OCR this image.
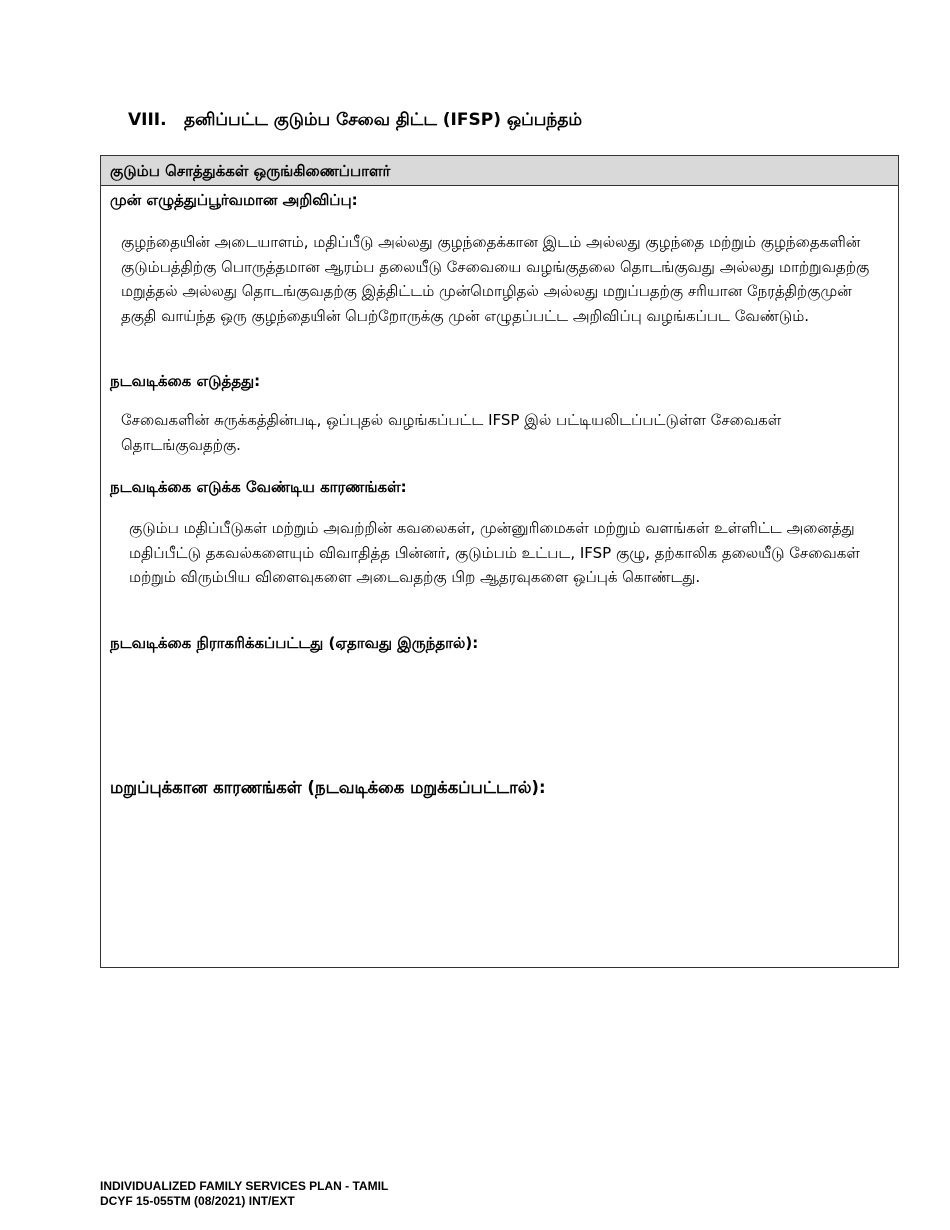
VIII. தனிப்பட்ட குடும்ப சேவை திட்ட (IFSP) ஒப்பந்தம்
குடும்ப சொத்துக்கள் ஒருங்கிணைப்பாளர்
முன் எழுத்துப்பூர்வமான அறிவிப்பு:

குழந்தையின் அடையாளம், மதிப்பீடு அல்லது குழந்தைக்கான இடம் அல்லது குழந்தை மற்றும் குழந்தைகளின் குடும்பத்திற்கு பொருத்தமான ஆரம்ப தலையீடு சேவையை வழங்குதலை தொடங்குவது அல்லது மாற்றுவதற்கு மறுத்தல் அல்லது தொடங்குவதற்கு இத்திட்டம் முன்மொழிதல் அல்லது மறுப்பதற்கு சரியான நேரத்திற்குமுன் தகுதி வாய்ந்த ஒரு குழந்தையின் பெற்றோருக்கு முன் எழுதப்பட்ட அறிவிப்பு வழங்கப்பட வேண்டும்.

நடவடிக்கை எடுத்தது:

சேவைகளின் சுருக்கத்தின்படி, ஒப்புதல் வழங்கப்பட்ட IFSP இல் பட்டியலிடப்பட்டுள்ள சேவைகள் தொடங்குவதற்கு.

நடவடிக்கை எடுக்க வேண்டிய காரணங்கள்:

குடும்ப மதிப்பீடுகள் மற்றும் அவற்றின் கவலைகள், முன்னுரிமைகள் மற்றும் வளங்கள் உள்ளிட்ட அனைத்து மதிப்பீட்டு தகவல்களையும் விவாதித்த பின்னர், குடும்பம் உட்பட, IFSP குழு, தற்காலிக தலையீடு சேவைகள் மற்றும் விரும்பிய விளைவுகளை அடைவதற்கு பிற ஆதரவுகளை ஒப்புக் கொண்டது.

நடவடிக்கை நிராகரிக்கப்பட்டது (ஏதாவது இருந்தால்):
மறுப்புக்கான காரணங்கள் (நடவடிக்கை மறுக்கப்பட்டால்):
INDIVIDUALIZED FAMILY SERVICES PLAN - TAMIL
DCYF 15-055TM (08/2021) INT/EXT
